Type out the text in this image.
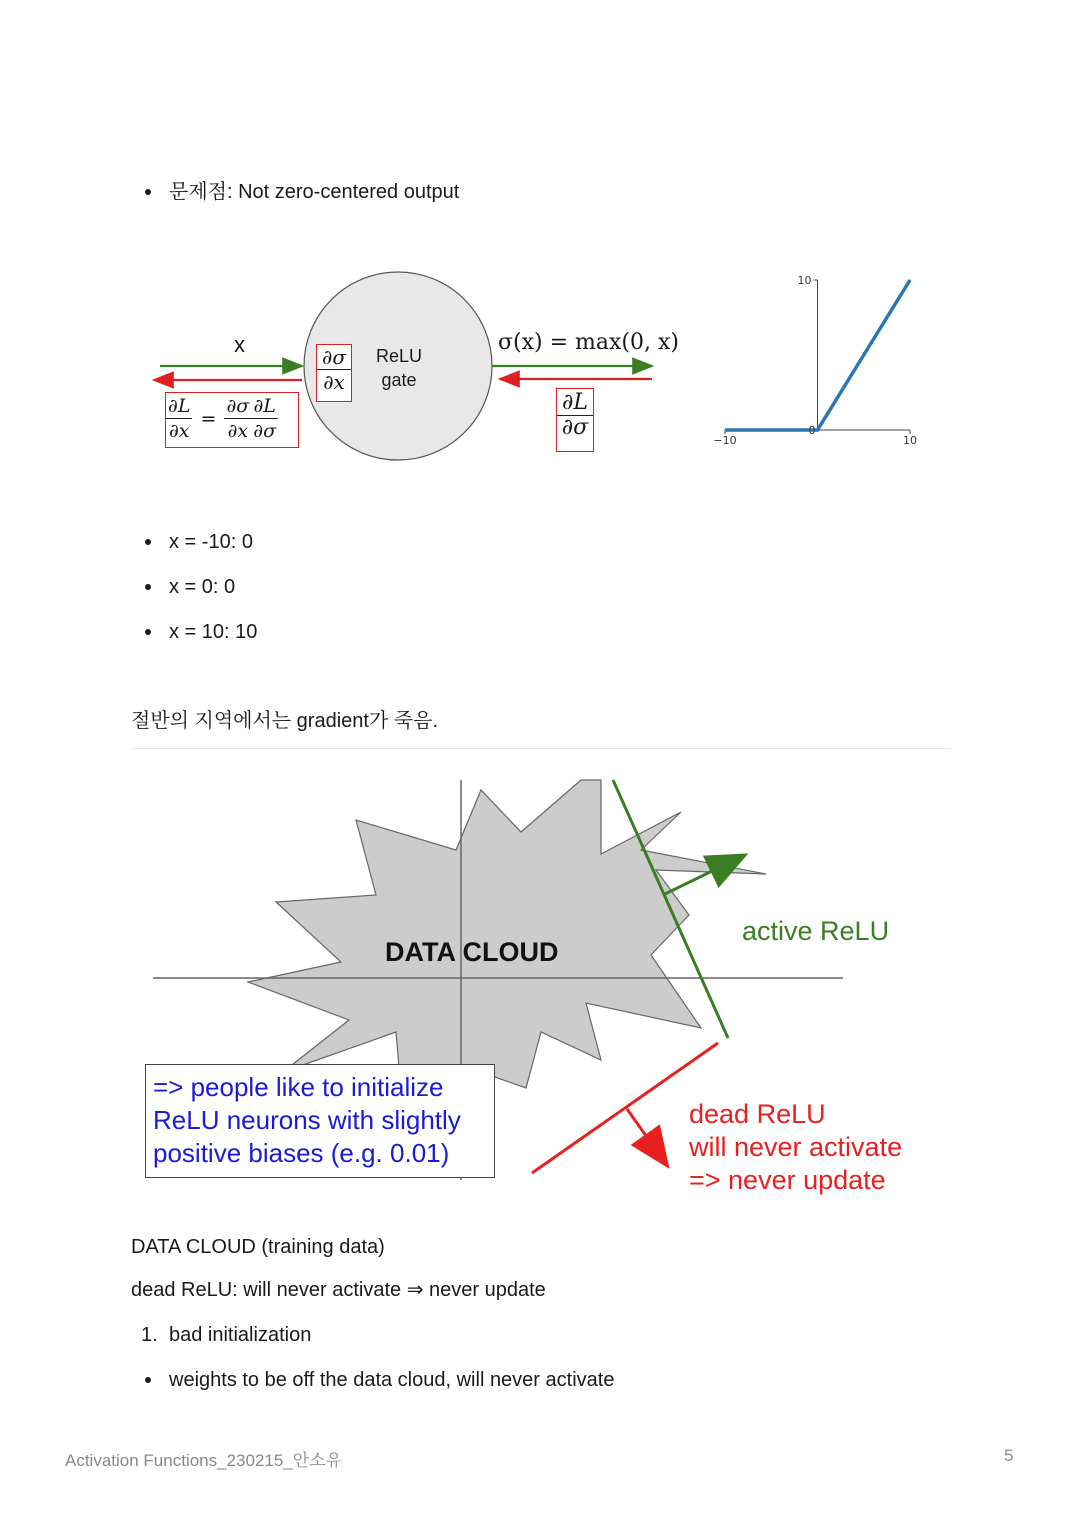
문제점: Not zero-centered output
x
$\frac{\partial\sigma}{\partial x}$	ReLU
gate
σ(x) = max(0, x)
$\frac{\partial L}{\partial\sigma}$
$\frac{\partial L}{\partial x} = \frac{\partial\sigma}{\partial x} \frac{\partial L}{\partial\sigma}$	−10	10
10
0
x = -10: 0
x = 0: 0
x = 10: 10
절반의 지역에서는 gradient가 죽음.
DATA CLOUD
active ReLU
dead ReLU
will never activate
=> never update
=> people like to initialize
ReLU neurons with slightly
positive biases (e.g. 0.01)
DATA CLOUD (training data)
dead ReLU: will never activate ⇒ never update
1. bad initialization
weights to be off the data cloud, will never activate
Activation Functions_230215_안소유	5
